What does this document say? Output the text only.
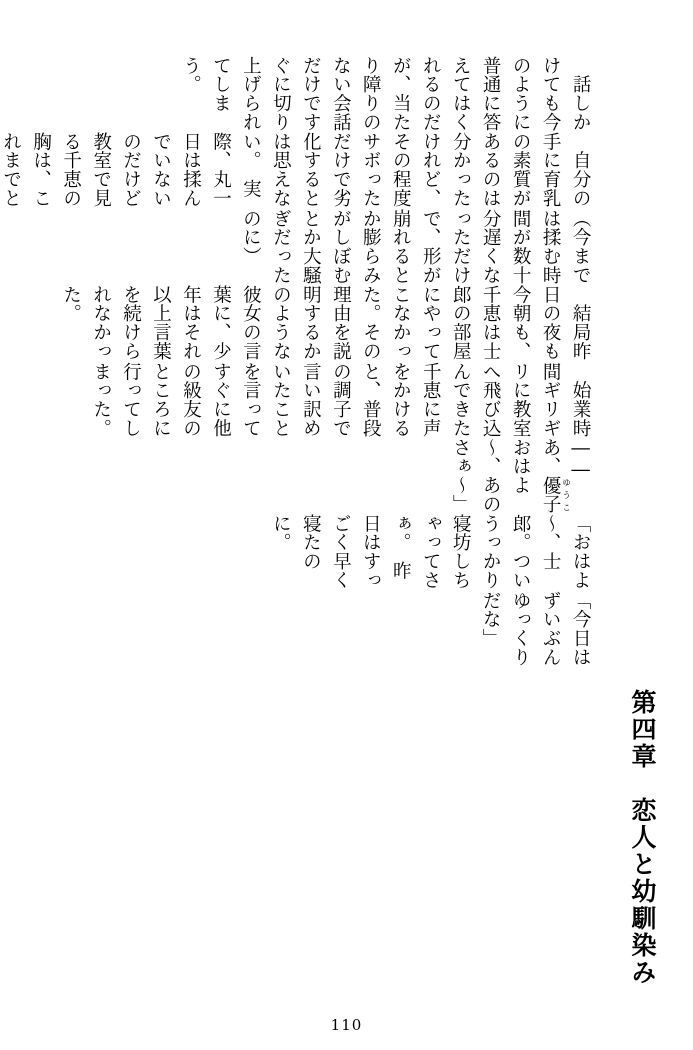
第四章　恋人と幼馴染み

「今日はずいぶんゆっくりだな」

「おはよ～、士郎。ついうっかり寝坊しちゃってさぁ。　昨日はすっごく早く寝たのに。

――あ、優子 ゆうこおはよ～、あのさぁ～」

　始業時間ギリギリに教室へ飛び込んできた千恵に声をかけると、普段の調子で言い訳めいたことを言ってすぐに他の級友のところに行ってしまった。

　結局昨日の夜も今朝も、千恵は士郎の部屋にやってこなかった。その理由を説明するかのような彼女の言葉に、少年はそれ以上言葉を続けられなかった。

（今までは揉む時間が数十分遅くなっただけで、形が崩れるとか膨らみがしぼむとか大騒ぎだったのに）

　自分の手に育乳の素質があるのは分かったけれど、その程度サボっただけで劣化するとは思えない。　実際、丸一日は揉んでいないのだけど教室で見る千恵の胸は、これまでと

　話しかけても今のように普通に答えてはくれるのだが、当たり障りのない会話だけですぐに切り上げられてしまう。

110
